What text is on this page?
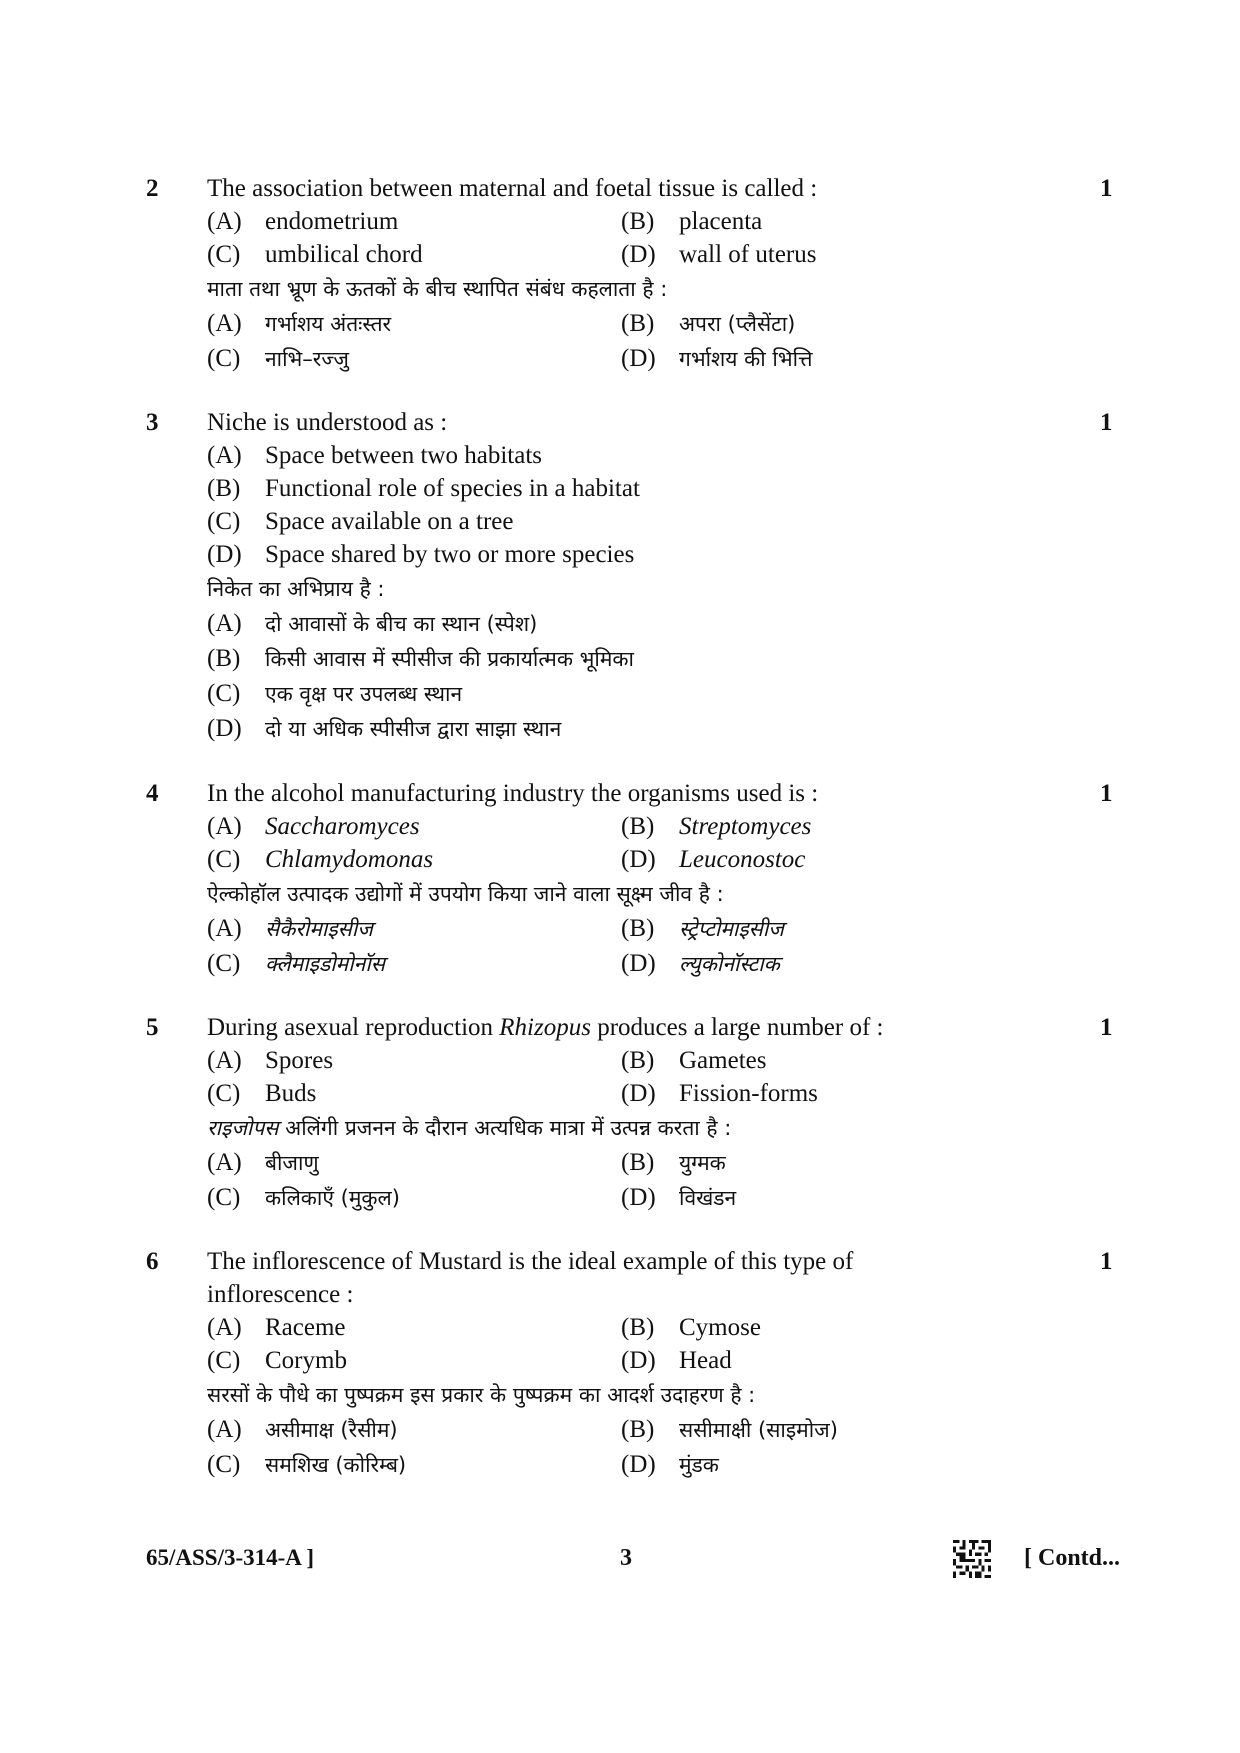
2	1
The association between maternal and foetal tissue is called :
(A) endometrium	(B) placenta
(C) umbilical chord	(D) wall of uterus
माता तथा भ्रूण के ऊतकों के बीच स्थापित संबंध कहलाता है :
(A) गर्भाशय अंतःस्तर	(B) अपरा (प्लैसेंटा)
(C) नाभि–रज्जु	(D) गर्भाशय की भित्ति
3	1
Niche is understood as :
(A) Space between two habitats
(B) Functional role of species in a habitat
(C) Space available on a tree
(D) Space shared by two or more species
निकेत का अभिप्राय है :
(A) दो आवासों के बीच का स्थान (स्पेश)
(B) किसी आवास में स्पीसीज की प्रकार्यात्मक भूमिका
(C) एक वृक्ष पर उपलब्ध स्थान
(D) दो या अधिक स्पीसीज द्वारा साझा स्थान
4	1
In the alcohol manufacturing industry the organisms used is :
(A) Saccharomyces	(B) Streptomyces
(C) Chlamydomonas	(D) Leuconostoc
ऐल्कोहॉल उत्पादक उद्योगों में उपयोग किया जाने वाला सूक्ष्म जीव है :
(A) सैकैरोमाइसीज	(B) स्ट्रेप्टोमाइसीज
(C) क्लैमाइडोमोनॉस	(D) ल्युकोनॉस्टाक
5	1
During asexual reproduction Rhizopus produces a large number of :
(A) Spores	(B) Gametes
(C) Buds	(D) Fission-forms
राइजोपस अलिंगी प्रजनन के दौरान अत्यधिक मात्रा में उत्पन्न करता है :
(A) बीजाणु	(B) युग्मक
(C) कलिकाएँ (मुकुल)	(D) विखंडन
6	1
The inflorescence of Mustard is the ideal example of this type of
inflorescence :
(A) Raceme	(B) Cymose
(C) Corymb	(D) Head
सरसों के पौधे का पुष्पक्रम इस प्रकार के पुष्पक्रम का आदर्श उदाहरण है :
(A) असीमाक्ष (रैसीम)	(B) ससीमाक्षी (साइमोज)
(C) समशिख (कोरिम्ब)	(D) मुंडक
65/ASS/3-314-A ]	3	[ Contd...
